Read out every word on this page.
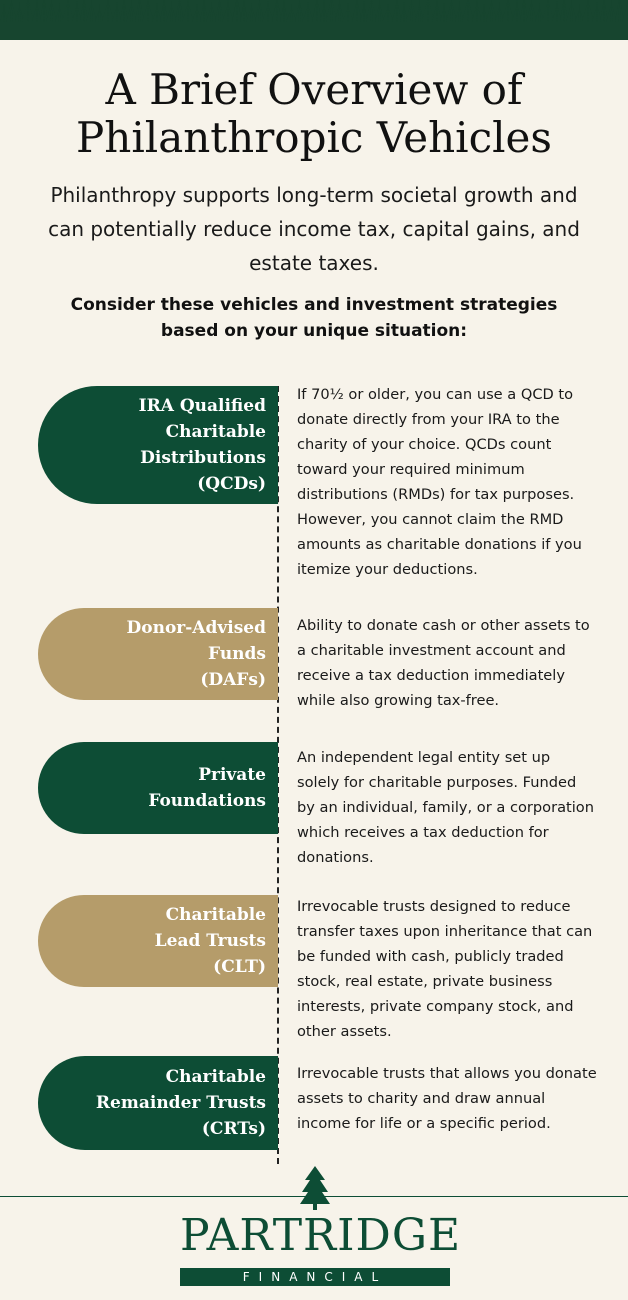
A Brief Overview of
Philanthropic Vehicles
Philanthropy supports long-term societal growth and can potentially reduce income tax, capital gains, and estate taxes.
Consider these vehicles and investment strategies based on your unique situation:
IRA Qualified
Charitable
Distributions
(QCDs)
If 70½ or older, you can use a QCD to donate directly from your IRA to the charity of your choice. QCDs count toward your required minimum distributions (RMDs) for tax purposes. However, you cannot claim the RMD amounts as charitable donations if you itemize your deductions.
Donor-Advised
Funds
(DAFs)
Ability to donate cash or other assets to a charitable investment account and receive a tax deduction immediately while also growing tax-free.
Private
Foundations
An independent legal entity set up solely for charitable purposes. Funded by an individual, family, or a corporation which receives a tax deduction for donations.
Charitable
Lead Trusts
(CLT)
Irrevocable trusts designed to reduce transfer taxes upon inheritance that can be funded with cash, publicly traded stock, real estate, private business interests, private company stock, and other assets.
Charitable
Remainder Trusts
(CRTs)
Irrevocable trusts that allows you donate assets to charity and draw annual income for life or a specific period.
PARTRIDGE
FINANCIAL
